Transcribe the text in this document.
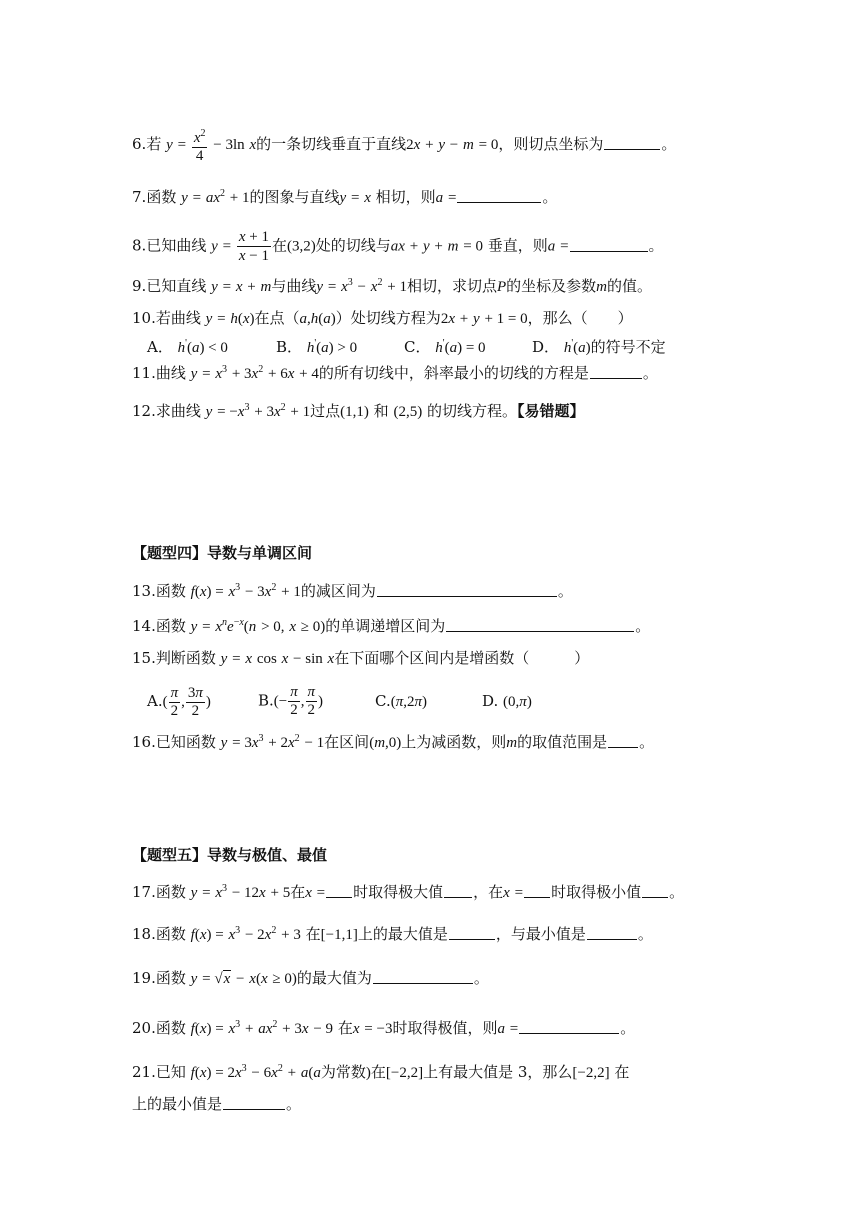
6.若 $y = \frac{x^2}{4} - 3\ln$ x的一条切线垂直于直线2x + y − m = 0，则切点坐标为	。
7.函数 $y = ax^2 + 1$的图象与直线y = x 相切，则a =	。
8.已知曲线 $y = \frac{x + 1}{x - 1}$ 在(3,2)处的切线与ax + y + m = 0 垂直，则a =	。
9.已知直线 y = x + m与曲线$y = x^3 - x^2 + 1$相切，求切点P的坐标及参数m的值。
10.若曲线 y = h(x)在点（a,h(a)）处切线方程为2x + y + 1 = 0，那么（　　）
A． h'(a) < 0	B． h'(a) > 0	C． h'(a) = 0	D． h'(a)的符号不定
11.曲线 $y = x^3 + 3x^2 + 6x + 4$的所有切线中，斜率最小的切线的方程是	。
12.求曲线 $y = -x^3 + 3x^2 + 1$过点(1,1) 和 (2,5) 的切线方程。【易错题】
【题型四】导数与单调区间
13.函数 $f(x) = x^3 - 3x^2 + 1$的减区间为	。
14.函数 $y = x^ne^{-x}(n > 0$, x ≥ 0)的单调递增区间为	。
15.判断函数 y = x cos x − sin x在下面哪个区间内是增函数（　　　）
$A.( \frac{\pi}{2}$ , $\frac{3\pi}{2}$ )	$B.(- \frac{\pi}{2}$ , $\frac{\pi}{2}$ )	C.(π,2π)	D. (0,π)
16.已知函数 $y = 3x^3 + 2x^2 - 1$在区间(m,0)上为减函数，则m的取值范围是 。
【题型五】导数与极值、最值
17.函数 $y = x^3 - 12x + 5$在x = 时取得极大值 ，在x = 时取得极小值 。
18.函数 $f(x) = x^3 - 2x^2 + 3$ 在[−1,1]上的最大值是	，与最小值是	。
19.函数 y = √x − x(x ≥ 0)的最大值为	。
20.函数 $f(x) = x^3 + ax^2 + 3x - 9$ 在x = −3时取得极值，则a =	。
21.已知 $f(x) = 2x^3 - 6x^2 + a(a$为常数)在[−2,2]上有最大值是 3，那么[−2,2] 在
上的最小值是	。
